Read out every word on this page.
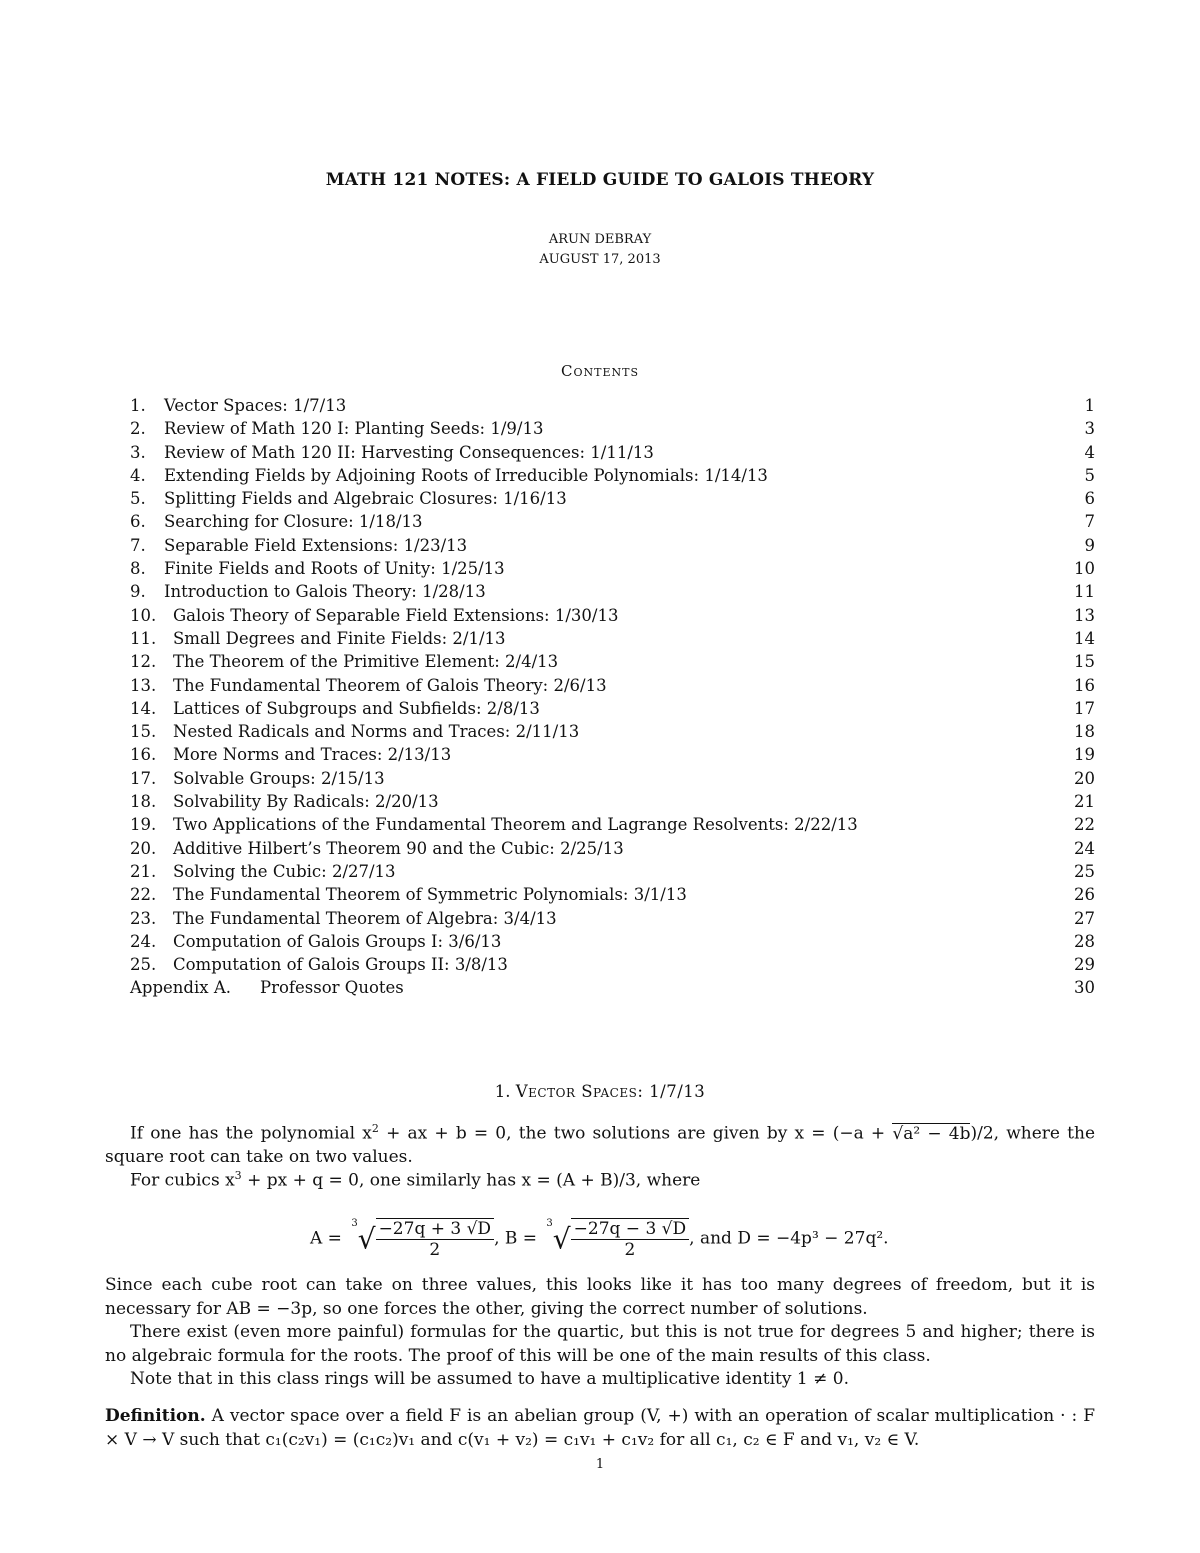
MATH 121 NOTES: A FIELD GUIDE TO GALOIS THEORY
ARUN DEBRAY
AUGUST 17, 2013
Contents
1. Vector Spaces: 1/7/13	1
2. Review of Math 120 I: Planting Seeds: 1/9/13	3
3. Review of Math 120 II: Harvesting Consequences: 1/11/13	4
4. Extending Fields by Adjoining Roots of Irreducible Polynomials: 1/14/13	5
5. Splitting Fields and Algebraic Closures: 1/16/13	6
6. Searching for Closure: 1/18/13	7
7. Separable Field Extensions: 1/23/13	9
8. Finite Fields and Roots of Unity: 1/25/13	10
9. Introduction to Galois Theory: 1/28/13	11
10. Galois Theory of Separable Field Extensions: 1/30/13	13
11. Small Degrees and Finite Fields: 2/1/13	14
12. The Theorem of the Primitive Element: 2/4/13	15
13. The Fundamental Theorem of Galois Theory: 2/6/13	16
14. Lattices of Subgroups and Subfields: 2/8/13	17
15. Nested Radicals and Norms and Traces: 2/11/13	18
16. More Norms and Traces: 2/13/13	19
17. Solvable Groups: 2/15/13	20
18. Solvability By Radicals: 2/20/13	21
19. Two Applications of the Fundamental Theorem and Lagrange Resolvents: 2/22/13	22
20. Additive Hilbert’s Theorem 90 and the Cubic: 2/25/13	24
21. Solving the Cubic: 2/27/13	25
22. The Fundamental Theorem of Symmetric Polynomials: 3/1/13	26
23. The Fundamental Theorem of Algebra: 3/4/13	27
24. Computation of Galois Groups I: 3/6/13	28
25. Computation of Galois Groups II: 3/8/13	29
Appendix A. Professor Quotes	30
1. Vector Spaces: 1/7/13
If one has the polynomial $x^2$ + ax + b = 0, the two solutions are given by x = (−a + √a² − 4b)/2, where the square root can take on two values.
For cubics $x^3$ + px + q = 0, one similarly has x = (A + B)/3, where
$A = ^3√ \frac{-27q + 3 √D}{2}$ , $B = ^3√ \frac{-27q - 3 √D}{2}$ , and D = −4p³ − 27q².
Since each cube root can take on three values, this looks like it has too many degrees of freedom, but it is necessary for AB = −3p, so one forces the other, giving the correct number of solutions.
There exist (even more painful) formulas for the quartic, but this is not true for degrees 5 and higher; there is no algebraic formula for the roots. The proof of this will be one of the main results of this class.
Note that in this class rings will be assumed to have a multiplicative identity 1 ≠ 0.
Definition. A vector space over a field F is an abelian group (V, +) with an operation of scalar multiplication · : F × V → V such that c₁(c₂v₁) = (c₁c₂)v₁ and c(v₁ + v₂) = c₁v₁ + c₁v₂ for all c₁, c₂ ∈ F and v₁, v₂ ∈ V.
1
